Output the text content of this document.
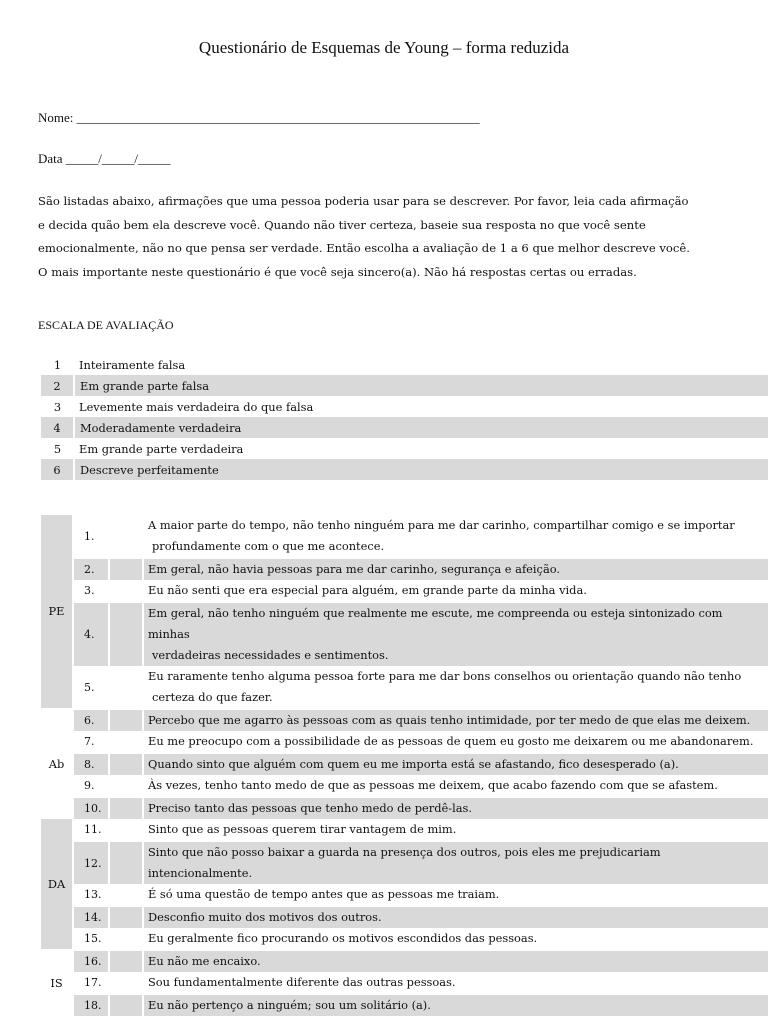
Questionário de Esquemas de Young – forma reduzida
Nome: ______________________________________________________________
Data _____/_____/_____

São listadas abaixo, afirmações que uma pessoa poderia usar para se descrever. Por favor, leia cada afirmação
e decida quão bem ela descreve você. Quando não tiver certeza, baseie sua resposta no que você sente
emocionalmente, não no que pensa ser verdade. Então escolha a avaliação de 1 a 6 que melhor descreve você.
O mais importante neste questionário é que você seja sincero(a). Não há respostas certas ou erradas.

ESCALA DE AVALIAÇÃO
1	Inteiramente falsa
2	Em grande parte falsa
3	Levemente mais verdadeira do que falsa
4	Moderadamente verdadeira
5	Em grande parte verdadeira
6	Descreve perfeitamente
PE	1.		A maior parte do tempo, não tenho ninguém para me dar carinho, compartilhar comigo e se importar
profundamente com o que me acontece.

	2.		Em geral, não havia pessoas para me dar carinho, segurança e afeição.

	3.		Eu não senti que era especial para alguém, em grande parte da minha vida.

	4.		Em geral, não tenho ninguém que realmente me escute, me compreenda ou esteja sintonizado com minhas
verdadeiras necessidades e sentimentos.

	5.		Eu raramente tenho alguma pessoa forte para me dar bons conselhos ou orientação quando não tenho
certeza do que fazer.

Ab	6.		Percebo que me agarro às pessoas com as quais tenho intimidade, por ter medo de que elas me deixem.

	7.		Eu me preocupo com a possibilidade de as pessoas de quem eu gosto me deixarem ou me abandonarem.

	8.		Quando sinto que alguém com quem eu me importa está se afastando, fico desesperado (a).

	9.		Às vezes, tenho tanto medo de que as pessoas me deixem, que acabo fazendo com que se afastem.

	10.		Preciso tanto das pessoas que tenho medo de perdê-las.

DA	11.		Sinto que as pessoas querem tirar vantagem de mim.

	12.		Sinto que não posso baixar a guarda na presença dos outros, pois eles me prejudicariam intencionalmente.

	13.		É só uma questão de tempo antes que as pessoas me traiam.

	14.		Desconfio muito dos motivos dos outros.

	15.		Eu geralmente fico procurando os motivos escondidos das pessoas.

IS	16.		Eu não me encaixo.

	17.		Sou fundamentalmente diferente das outras pessoas.

	18.		Eu não pertenço a ninguém; sou um solitário (a).
